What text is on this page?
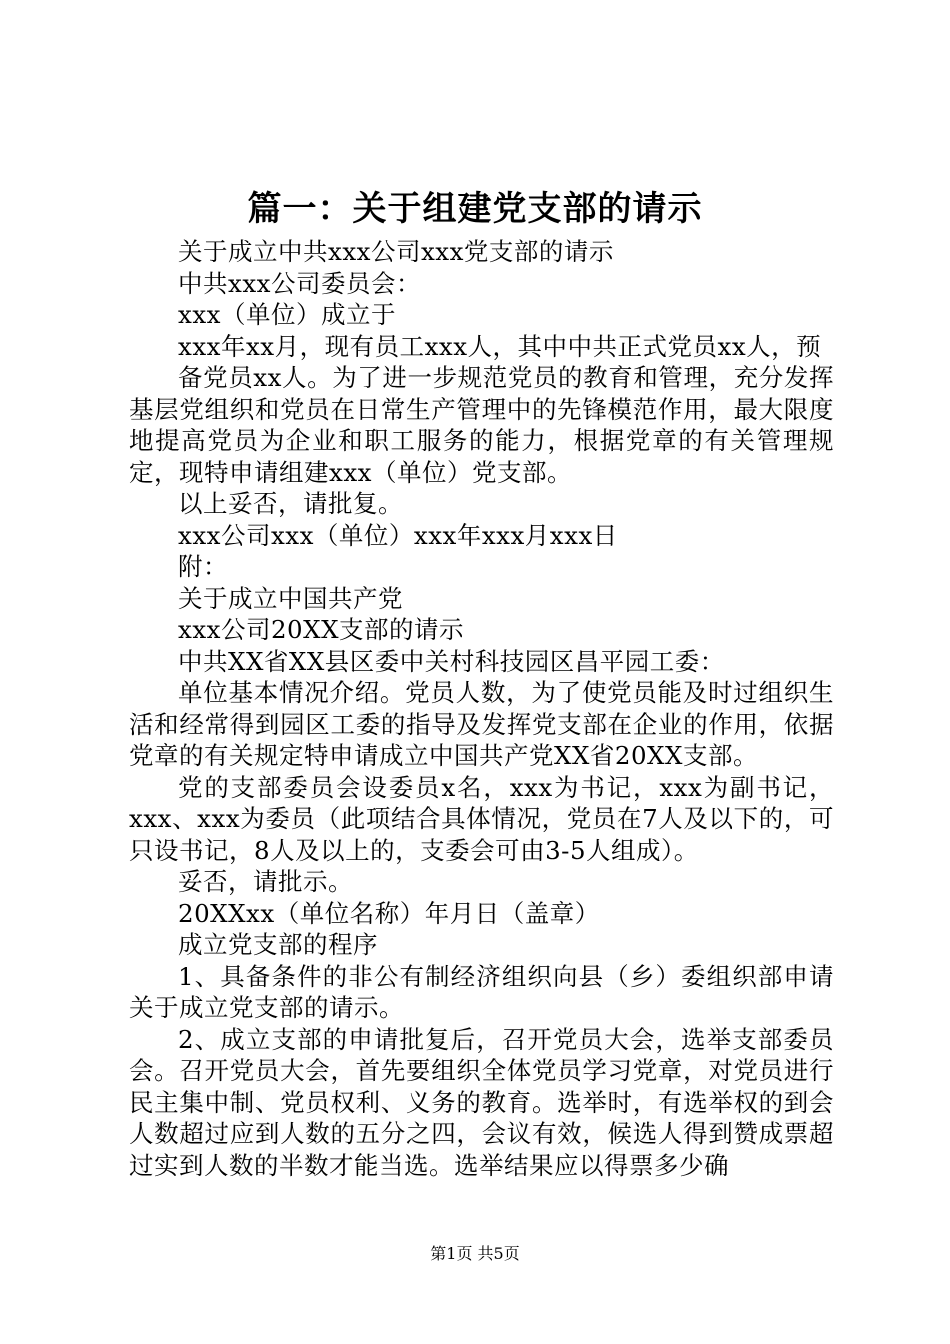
篇一：关于组建党支部的请示

关于成立中共xxx公司xxx党支部的请示

中共xxx公司委员会：

xxx（单位）成立于

xxx年xx月，现有员工xxx人，其中中共正式党员xx人，预

备党员xx人。为了进一步规范党员的教育和管理，充分发挥基层党组织和党员在日常生产管理中的先锋模范作用，最大限度地提高党员为企业和职工服务的能力，根据党章的有关管理规定，现特申请组建xxx（单位）党支部。

以上妥否，请批复。

xxx公司xxx（单位）xxx年xxx月xxx日

附：

关于成立中国共产党

xxx公司20XX支部的请示

中共XX省XX县区委中关村科技园区昌平园工委：

单位基本情况介绍。党员人数，为了使党员能及时过组织生活和经常得到园区工委的指导及发挥党支部在企业的作用，依据党章的有关规定特申请成立中国共产党XX省20XX支部。

党的支部委员会设委员x名，xxx为书记，xxx为副书记，xxx、xxx为委员（此项结合具体情况，党员在7人及以下的，可只设书记，8人及以上的，支委会可由3-5人组成）。

妥否，请批示。

20XXxx（单位名称）年月日（盖章）

成立党支部的程序

1、具备条件的非公有制经济组织向县（乡）委组织部申请关于成立党支部的请示。

2、成立支部的申请批复后，召开党员大会，选举支部委员会。召开党员大会，首先要组织全体党员学习党章，对党员进行民主集中制、党员权利、义务的教育。选举时，有选举权的到会人数超过应到人数的五分之四，会议有效，候选人得到赞成票超过实到人数的半数才能当选。选举结果应以得票多少确

第1页 共5页
